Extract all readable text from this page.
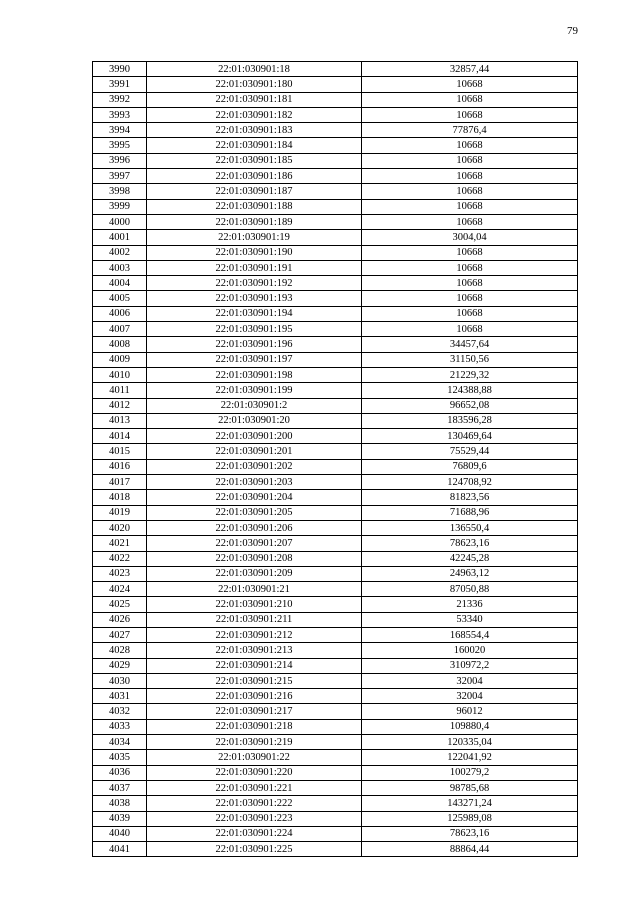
79
3990	22:01:030901:18	32857,44
3991	22:01:030901:180	10668
3992	22:01:030901:181	10668
3993	22:01:030901:182	10668
3994	22:01:030901:183	77876,4
3995	22:01:030901:184	10668
3996	22:01:030901:185	10668
3997	22:01:030901:186	10668
3998	22:01:030901:187	10668
3999	22:01:030901:188	10668
4000	22:01:030901:189	10668
4001	22:01:030901:19	3004,04
4002	22:01:030901:190	10668
4003	22:01:030901:191	10668
4004	22:01:030901:192	10668
4005	22:01:030901:193	10668
4006	22:01:030901:194	10668
4007	22:01:030901:195	10668
4008	22:01:030901:196	34457,64
4009	22:01:030901:197	31150,56
4010	22:01:030901:198	21229,32
4011	22:01:030901:199	124388,88
4012	22:01:030901:2	96652,08
4013	22:01:030901:20	183596,28
4014	22:01:030901:200	130469,64
4015	22:01:030901:201	75529,44
4016	22:01:030901:202	76809,6
4017	22:01:030901:203	124708,92
4018	22:01:030901:204	81823,56
4019	22:01:030901:205	71688,96
4020	22:01:030901:206	136550,4
4021	22:01:030901:207	78623,16
4022	22:01:030901:208	42245,28
4023	22:01:030901:209	24963,12
4024	22:01:030901:21	87050,88
4025	22:01:030901:210	21336
4026	22:01:030901:211	53340
4027	22:01:030901:212	168554,4
4028	22:01:030901:213	160020
4029	22:01:030901:214	310972,2
4030	22:01:030901:215	32004
4031	22:01:030901:216	32004
4032	22:01:030901:217	96012
4033	22:01:030901:218	109880,4
4034	22:01:030901:219	120335,04
4035	22:01:030901:22	122041,92
4036	22:01:030901:220	100279,2
4037	22:01:030901:221	98785,68
4038	22:01:030901:222	143271,24
4039	22:01:030901:223	125989,08
4040	22:01:030901:224	78623,16
4041	22:01:030901:225	88864,44
